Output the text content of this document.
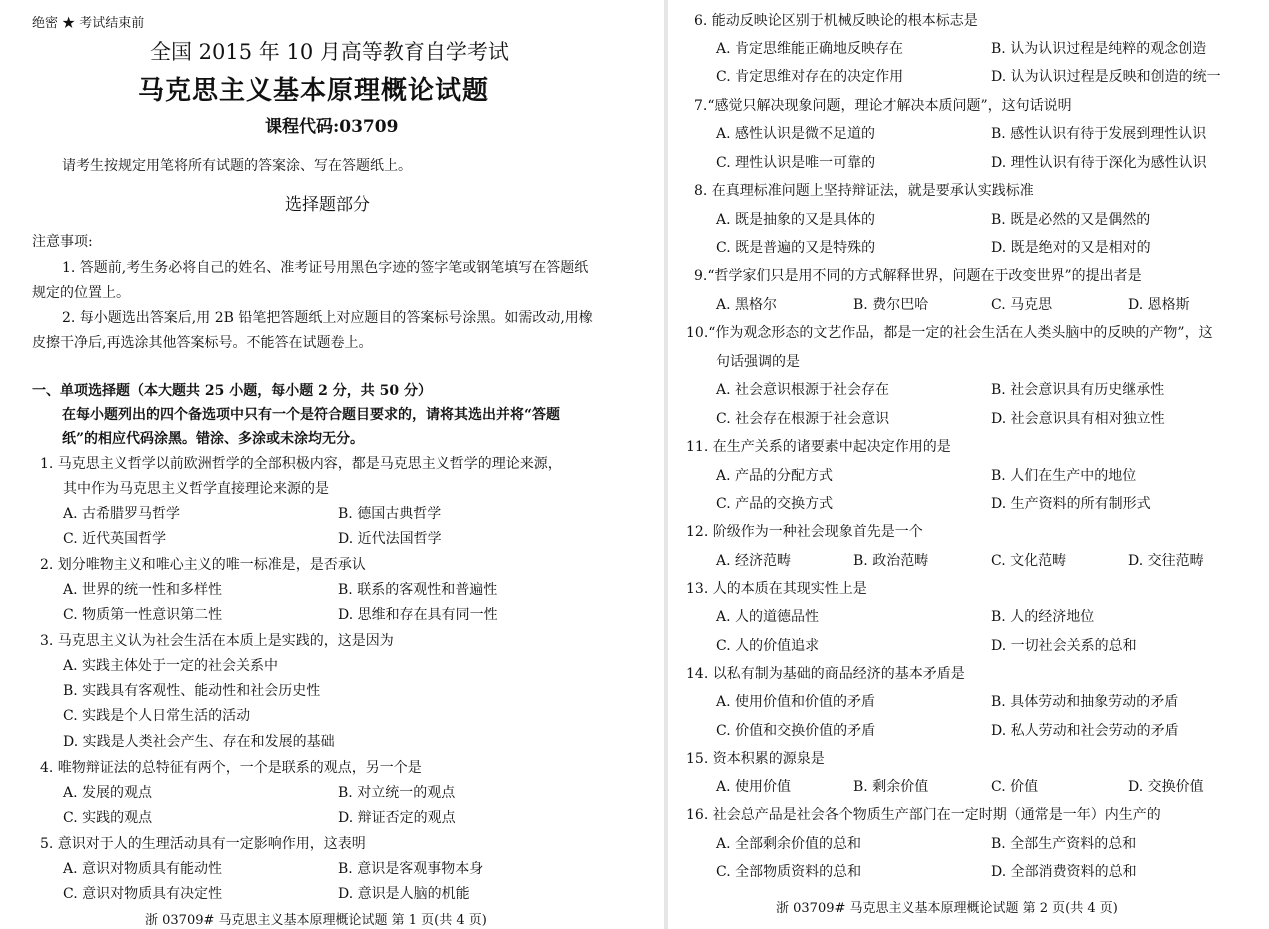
绝密 ★ 考试结束前
全国 2015 年 10 月高等教育自学考试
马克思主义基本原理概论试题
课程代码:03709
请考生按规定用笔将所有试题的答案涂、写在答题纸上。
选择题部分
注意事项:
1. 答题前,考生务必将自己的姓名、准考证号用黑色字迹的签字笔或钢笔填写在答题纸
规定的位置上。
2. 每小题选出答案后,用 2B 铅笔把答题纸上对应题目的答案标号涂黑。如需改动,用橡
皮擦干净后,再选涂其他答案标号。不能答在试题卷上。
一、单项选择题（本大题共 25 小题，每小题 2 分，共 50 分）
在每小题列出的四个备选项中只有一个是符合题目要求的，请将其选出并将“答题
纸”的相应代码涂黑。错涂、多涂或未涂均无分。
1. 马克思主义哲学以前欧洲哲学的全部积极内容，都是马克思主义哲学的理论来源，
其中作为马克思主义哲学直接理论来源的是
A. 古希腊罗马哲学	B. 德国古典哲学
C. 近代英国哲学	D. 近代法国哲学
2. 划分唯物主义和唯心主义的唯一标准是，是否承认
A. 世界的统一性和多样性	B. 联系的客观性和普遍性
C. 物质第一性意识第二性	D. 思维和存在具有同一性
3. 马克思主义认为社会生活在本质上是实践的，这是因为
A. 实践主体处于一定的社会关系中
B. 实践具有客观性、能动性和社会历史性
C. 实践是个人日常生活的活动
D. 实践是人类社会产生、存在和发展的基础
4. 唯物辩证法的总特征有两个，一个是联系的观点，另一个是
A. 发展的观点	B. 对立统一的观点
C. 实践的观点	D. 辩证否定的观点
5. 意识对于人的生理活动具有一定影响作用，这表明
A. 意识对物质具有能动性	B. 意识是客观事物本身
C. 意识对物质具有决定性	D. 意识是人脑的机能
浙 03709# 马克思主义基本原理概论试题 第 1 页(共 4 页)
6. 能动反映论区别于机械反映论的根本标志是
A. 肯定思维能正确地反映存在	B. 认为认识过程是纯粹的观念创造
C. 肯定思维对存在的决定作用	D. 认为认识过程是反映和创造的统一
7.“感觉只解决现象问题，理论才解决本质问题”，这句话说明
A. 感性认识是微不足道的	B. 感性认识有待于发展到理性认识
C. 理性认识是唯一可靠的	D. 理性认识有待于深化为感性认识
8. 在真理标准问题上坚持辩证法，就是要承认实践标准
A. 既是抽象的又是具体的	B. 既是必然的又是偶然的
C. 既是普遍的又是特殊的	D. 既是绝对的又是相对的
9.“哲学家们只是用不同的方式解释世界，问题在于改变世界”的提出者是
A. 黑格尔	B. 费尔巴哈	C. 马克思	D. 恩格斯
10.“作为观念形态的文艺作品，都是一定的社会生活在人类头脑中的反映的产物”，这
句话强调的是
A. 社会意识根源于社会存在	B. 社会意识具有历史继承性
C. 社会存在根源于社会意识	D. 社会意识具有相对独立性
11. 在生产关系的诸要素中起决定作用的是
A. 产品的分配方式	B. 人们在生产中的地位
C. 产品的交换方式	D. 生产资料的所有制形式
12. 阶级作为一种社会现象首先是一个
A. 经济范畴	B. 政治范畴	C. 文化范畴	D. 交往范畴
13. 人的本质在其现实性上是
A. 人的道德品性	B. 人的经济地位
C. 人的价值追求	D. 一切社会关系的总和
14. 以私有制为基础的商品经济的基本矛盾是
A. 使用价值和价值的矛盾	B. 具体劳动和抽象劳动的矛盾
C. 价值和交换价值的矛盾	D. 私人劳动和社会劳动的矛盾
15. 资本积累的源泉是
A. 使用价值	B. 剩余价值	C. 价值	D. 交换价值
16. 社会总产品是社会各个物质生产部门在一定时期（通常是一年）内生产的
A. 全部剩余价值的总和	B. 全部生产资料的总和
C. 全部物质资料的总和	D. 全部消费资料的总和
浙 03709# 马克思主义基本原理概论试题 第 2 页(共 4 页)
